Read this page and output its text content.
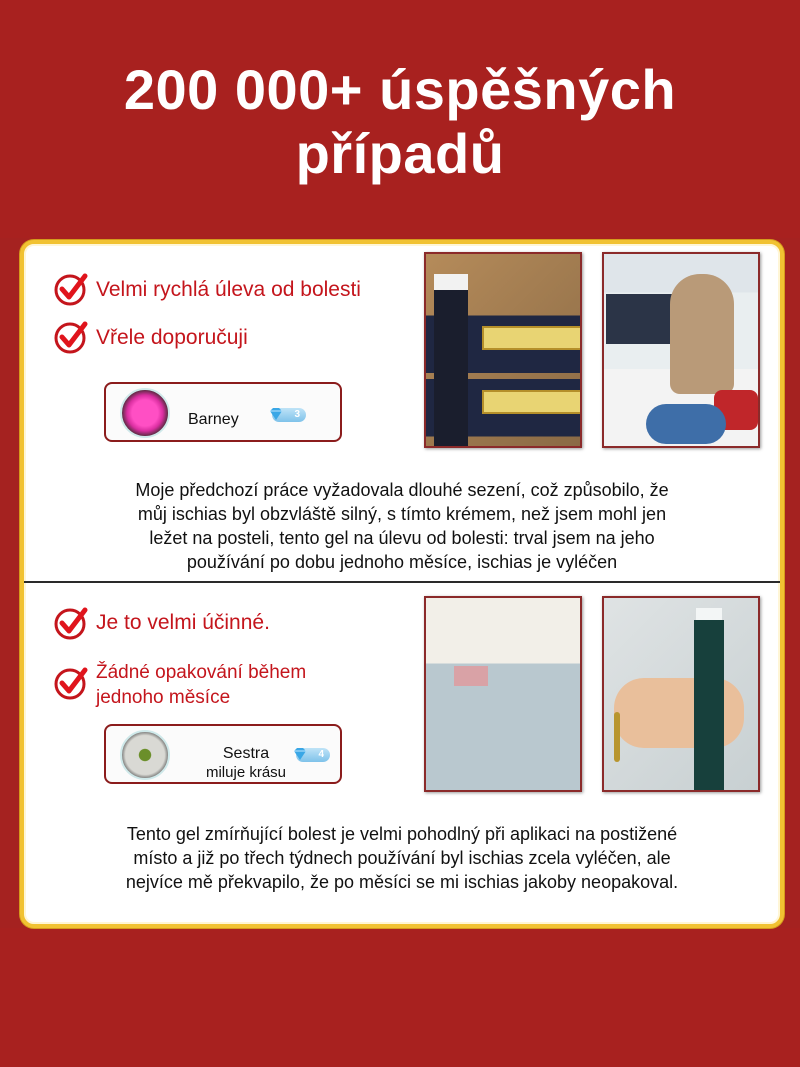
200 000+ úspěšných
případů
Velmi rychlá úleva od bolesti
Vřele doporučuji
Barney	3
Moje předchozí práce vyžadovala dlouhé sezení, což způsobilo, že
můj ischias byl obzvláště silný, s tímto krémem, než jsem mohl jen
ležet na posteli, tento gel na úlevu od bolesti: trval jsem na jeho
používání po dobu jednoho měsíce, ischias je vyléčen
Je to velmi účinné.
Žádné opakování během
jednoho měsíce
Sestra
miluje krásu
4
Tento gel zmírňující bolest je velmi pohodlný při aplikaci na postižené
místo a již po třech týdnech používání byl ischias zcela vyléčen, ale
nejvíce mě překvapilo, že po měsíci se mi ischias jakoby neopakoval.
